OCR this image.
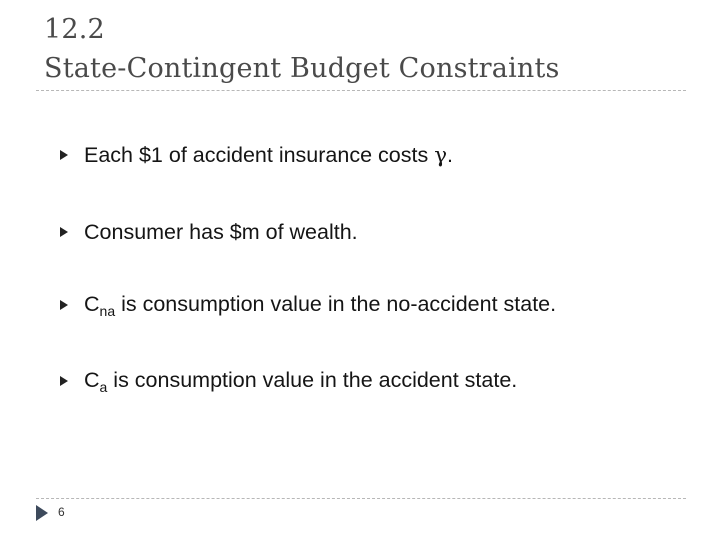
12.2
State-Contingent Budget Constraints
Each $1 of accident insurance costs γ.
Consumer has $m of wealth.
$C_{na}$ is consumption value in the no-accident state.
$C_a$ is consumption value in the accident state.
6
